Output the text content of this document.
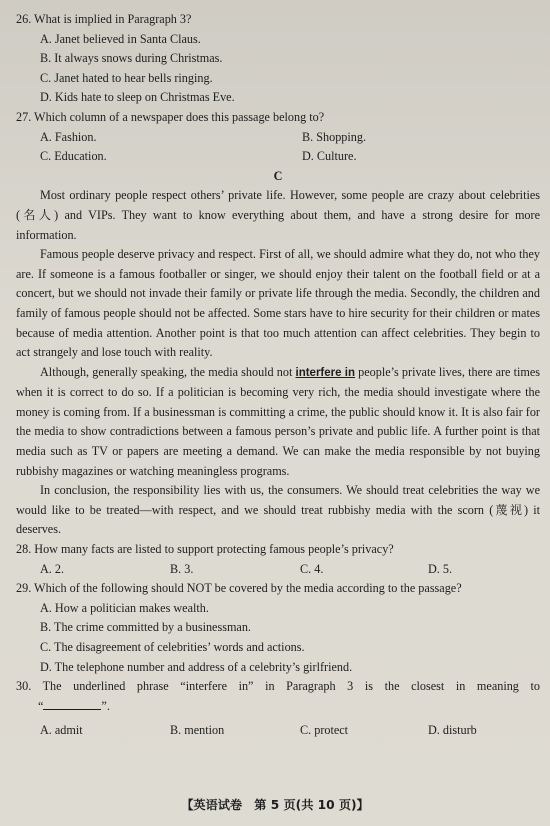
26. What is implied in Paragraph 3?

A. Janet believed in Santa Claus.

B. It always snows during Christmas.

C. Janet hated to hear bells ringing.

D. Kids hate to sleep on Christmas Eve.

27. Which column of a newspaper does this passage belong to?

A. Fashion.	B. Shopping.
C. Education.	D. Culture.

C

Most ordinary people respect others’ private life. However, some people are crazy about celebrities (名人) and VIPs. They want to know everything about them, and have a strong desire for more information.

Famous people deserve privacy and respect. First of all, we should admire what they do, not who they are. If someone is a famous footballer or singer, we should enjoy their talent on the football field or at a concert, but we should not invade their family or private life through the media. Secondly, the children and family of famous people should not be affected. Some stars have to hire security for their children or mates because of media attention. Another point is that too much attention can affect celebrities. They begin to act strangely and lose touch with reality.

Although, generally speaking, the media should not interfere in people’s private lives, there are times when it is correct to do so. If a politician is becoming very rich, the media should investigate where the money is coming from. If a businessman is committing a crime, the public should know it. It is also fair for the media to show contradictions between a famous person’s private and public life. A further point is that media such as TV or papers are meeting a demand. We can make the media responsible by not buying rubbishy magazines or watching meaningless programs.

In conclusion, the responsibility lies with us, the consumers. We should treat celebrities the way we would like to be treated—with respect, and we should treat rubbishy media with the scorn (蔑视) it deserves.

28. How many facts are listed to support protecting famous people’s privacy?

A. 2.	B. 3.	C. 4.	D. 5.

29. Which of the following should NOT be covered by the media according to the passage?

A. How a politician makes wealth.

B. The crime committed by a businessman.

C. The disagreement of celebrities’ words and actions.

D. The telephone number and address of a celebrity’s girlfriend.

30. The underlined phrase “interfere in” in Paragraph 3 is the closest in meaning to

“	”.

A. admit	B. mention	C. protect	D. disturb
【英语试卷　第 5 页(共 10 页)】
